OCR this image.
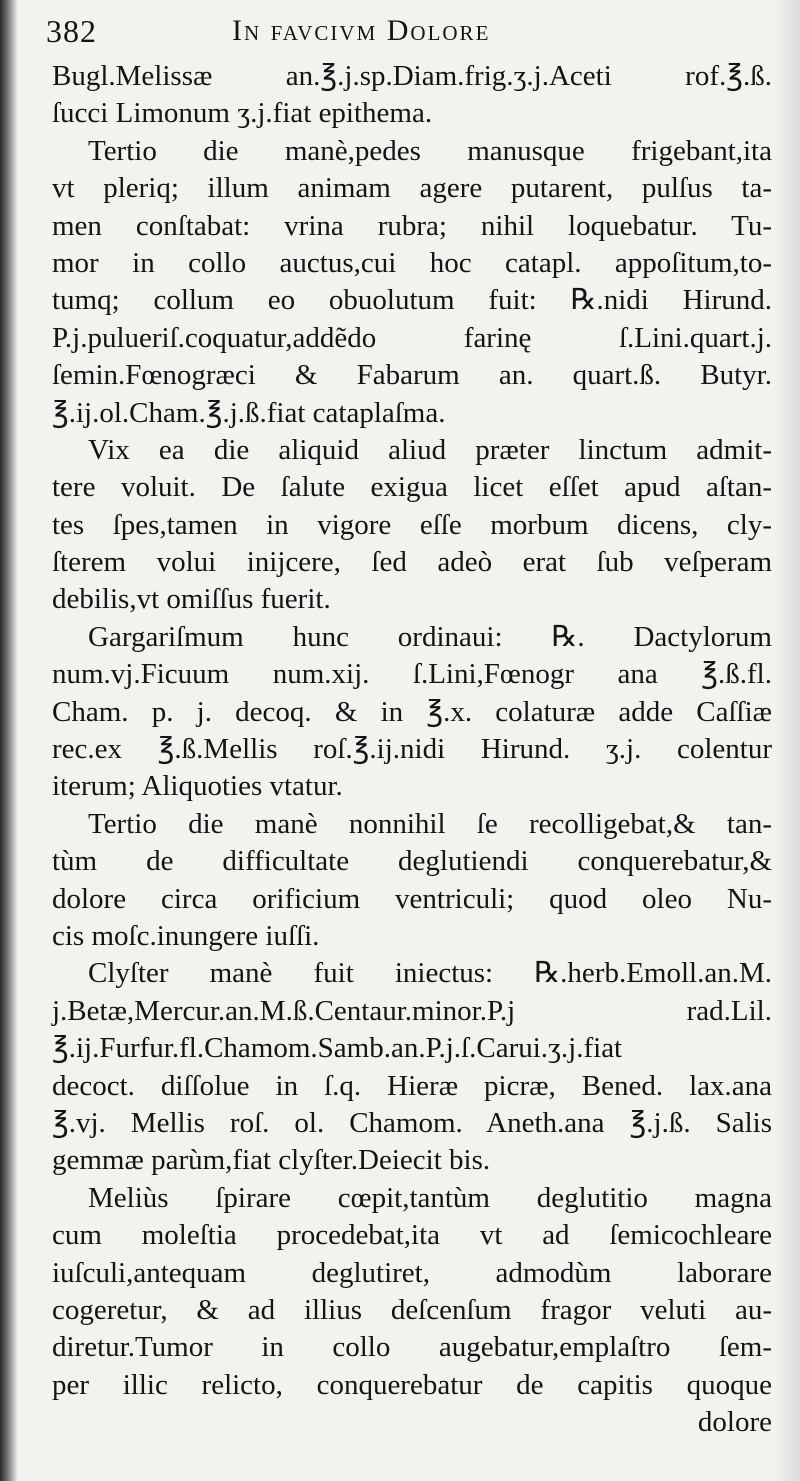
382	In favcivm Dolore
Bugl.Melissæ an.℥.j.sp.Diam.frig.ʒ.j.Aceti rof.℥.ß.
ſucci Limonum ʒ.j.fiat epithema.
Tertio die manè,pedes manusque frigebant,ita
vt pleriq; illum animam agere putarent, pulſus ta-
men conſtabat: vrina rubra; nihil loquebatur. Tu-
mor in collo auctus,cui hoc catapl. appoſitum,to-
tumq; collum eo obuolutum fuit: ℞.nidi Hirund.
P.j.pulueriſ.coquatur,addẽdo farinę ſ.Lini.quart.j.
ſemin.Fœnogræci & Fabarum an. quart.ß. Butyr.
℥.ij.ol.Cham.℥.j.ß.fiat cataplaſma.
Vix ea die aliquid aliud præter linctum admit-
tere voluit. De ſalute exigua licet eſſet apud aſtan-
tes ſpes,tamen in vigore eſſe morbum dicens, cly-
ſterem volui inijcere, ſed adeò erat ſub veſperam
debilis,vt omiſſus fuerit.
Gargariſmum hunc ordinaui: ℞. Dactylorum
num.vj.Ficuum num.xij. ſ.Lini,Fœnogr ana ℥.ß.fl.
Cham. p. j. decoq. & in ℥.x. colaturæ adde Caſſiæ
rec.ex ℥.ß.Mellis roſ.℥.ij.nidi Hirund. ʒ.j. colentur
iterum; Aliquoties vtatur.
Tertio die manè nonnihil ſe recolligebat,& tan-
tùm de difficultate deglutiendi conquerebatur,&
dolore circa orificium ventriculi; quod oleo Nu-
cis moſc.inungere iuſſi.
Clyſter manè fuit iniectus: ℞.herb.Emoll.an.M.
j.Betæ,Mercur.an.M.ß.Centaur.minor.P.j rad.Lil.
℥.ij.Furfur.fl.Chamom.Samb.an.P.j.ſ.Carui.ʒ.j.fiat
decoct. diſſolue in ſ.q. Hieræ picræ, Bened. lax.ana
℥.vj. Mellis roſ. ol. Chamom. Aneth.ana ℥.j.ß. Salis
gemmæ parùm,fiat clyſter.Deiecit bis.
Meliùs ſpirare cœpit,tantùm deglutitio magna
cum moleſtia procedebat,ita vt ad ſemicochleare
iuſculi,antequam deglutiret, admodùm laborare
cogeretur, & ad illius deſcenſum fragor veluti au-
diretur.Tumor in collo augebatur,emplaſtro ſem-
per illic relicto, conquerebatur de capitis quoque
dolore
